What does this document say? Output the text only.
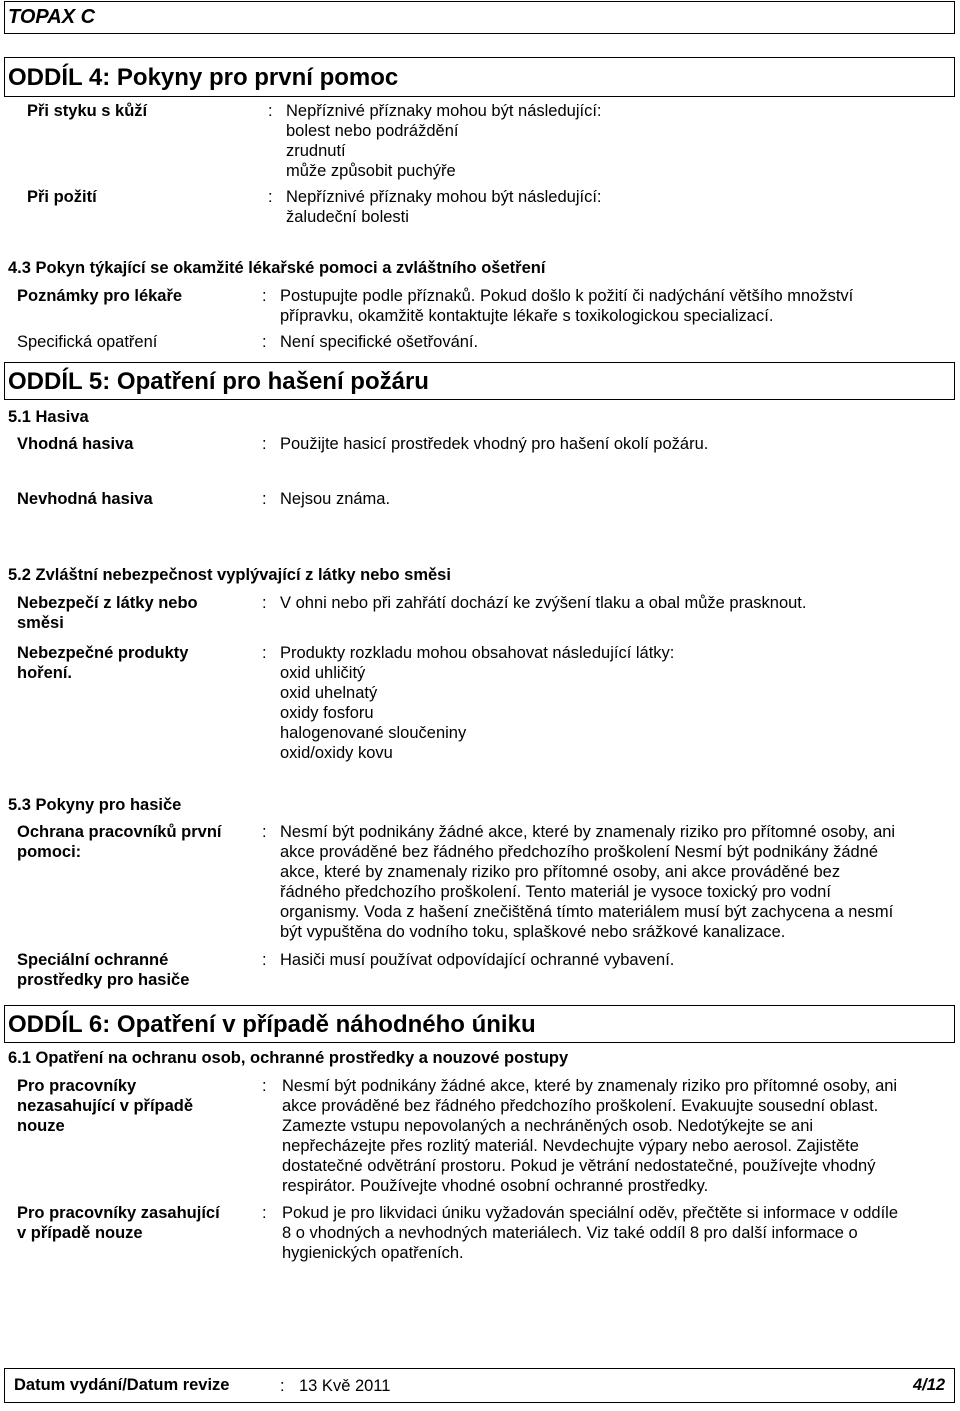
TOPAX C
ODDÍL 4: Pokyny pro první pomoc
Při styku s kůží	: Nepříznivé příznaky mohou být následující:
bolest nebo podráždění
zrudnutí
může způsobit puchýře
Při požití	: Nepříznivé příznaky mohou být následující:
žaludeční bolesti
4.3 Pokyn týkající se okamžité lékařské pomoci a zvláštního ošetření
Poznámky pro lékaře	: Postupujte podle příznaků. Pokud došlo k požití či nadýchání většího množství
přípravku, okamžitě kontaktujte lékaře s toxikologickou specializací.
Specifická opatření	: Není specifické ošetřování.
ODDÍL 5: Opatření pro hašení požáru
5.1 Hasiva
Vhodná hasiva	: Použijte hasicí prostředek vhodný pro hašení okolí požáru.
Nevhodná hasiva	: Nejsou známa.
5.2 Zvláštní nebezpečnost vyplývající z látky nebo směsi
Nebezpečí z látky nebo
směsi
: V ohni nebo při zahřátí dochází ke zvýšení tlaku a obal může prasknout.
Nebezpečné produkty
hoření.
: Produkty rozkladu mohou obsahovat následující látky:
oxid uhličitý
oxid uhelnatý
oxidy fosforu
halogenované sloučeniny
oxid/oxidy kovu
5.3 Pokyny pro hasiče
Ochrana pracovníků první
pomoci:
: Nesmí být podnikány žádné akce, které by znamenaly riziko pro přítomné osoby, ani
akce prováděné bez řádného předchozího proškolení Nesmí být podnikány žádné
akce, které by znamenaly riziko pro přítomné osoby, ani akce prováděné bez
řádného předchozího proškolení. Tento materiál je vysoce toxický pro vodní
organismy. Voda z hašení znečištěná tímto materiálem musí být zachycena a nesmí
být vypuštěna do vodního toku, splaškové nebo srážkové kanalizace.
Speciální ochranné
prostředky pro hasiče
: Hasiči musí používat odpovídající ochranné vybavení.
ODDÍL 6: Opatření v případě náhodného úniku
6.1 Opatření na ochranu osob, ochranné prostředky a nouzové postupy
Pro pracovníky
nezasahující v případě
nouze
: Nesmí být podnikány žádné akce, které by znamenaly riziko pro přítomné osoby, ani
akce prováděné bez řádného předchozího proškolení. Evakuujte sousední oblast.
Zamezte vstupu nepovolaných a nechráněných osob. Nedotýkejte se ani
nepřecházejte přes rozlitý materiál. Nevdechujte výpary nebo aerosol. Zajistěte
dostatečné odvětrání prostoru. Pokud je větrání nedostatečné, používejte vhodný
respirátor. Používejte vhodné osobní ochranné prostředky.
Pro pracovníky zasahující
v případě nouze
: Pokud je pro likvidaci úniku vyžadován speciální oděv, přečtěte si informace v oddíle
8 o vhodných a nevhodných materiálech. Viz také oddíl 8 pro další informace o
hygienických opatřeních.
Datum vydání/Datum revize	: 13 Kvě 2011	4/12
